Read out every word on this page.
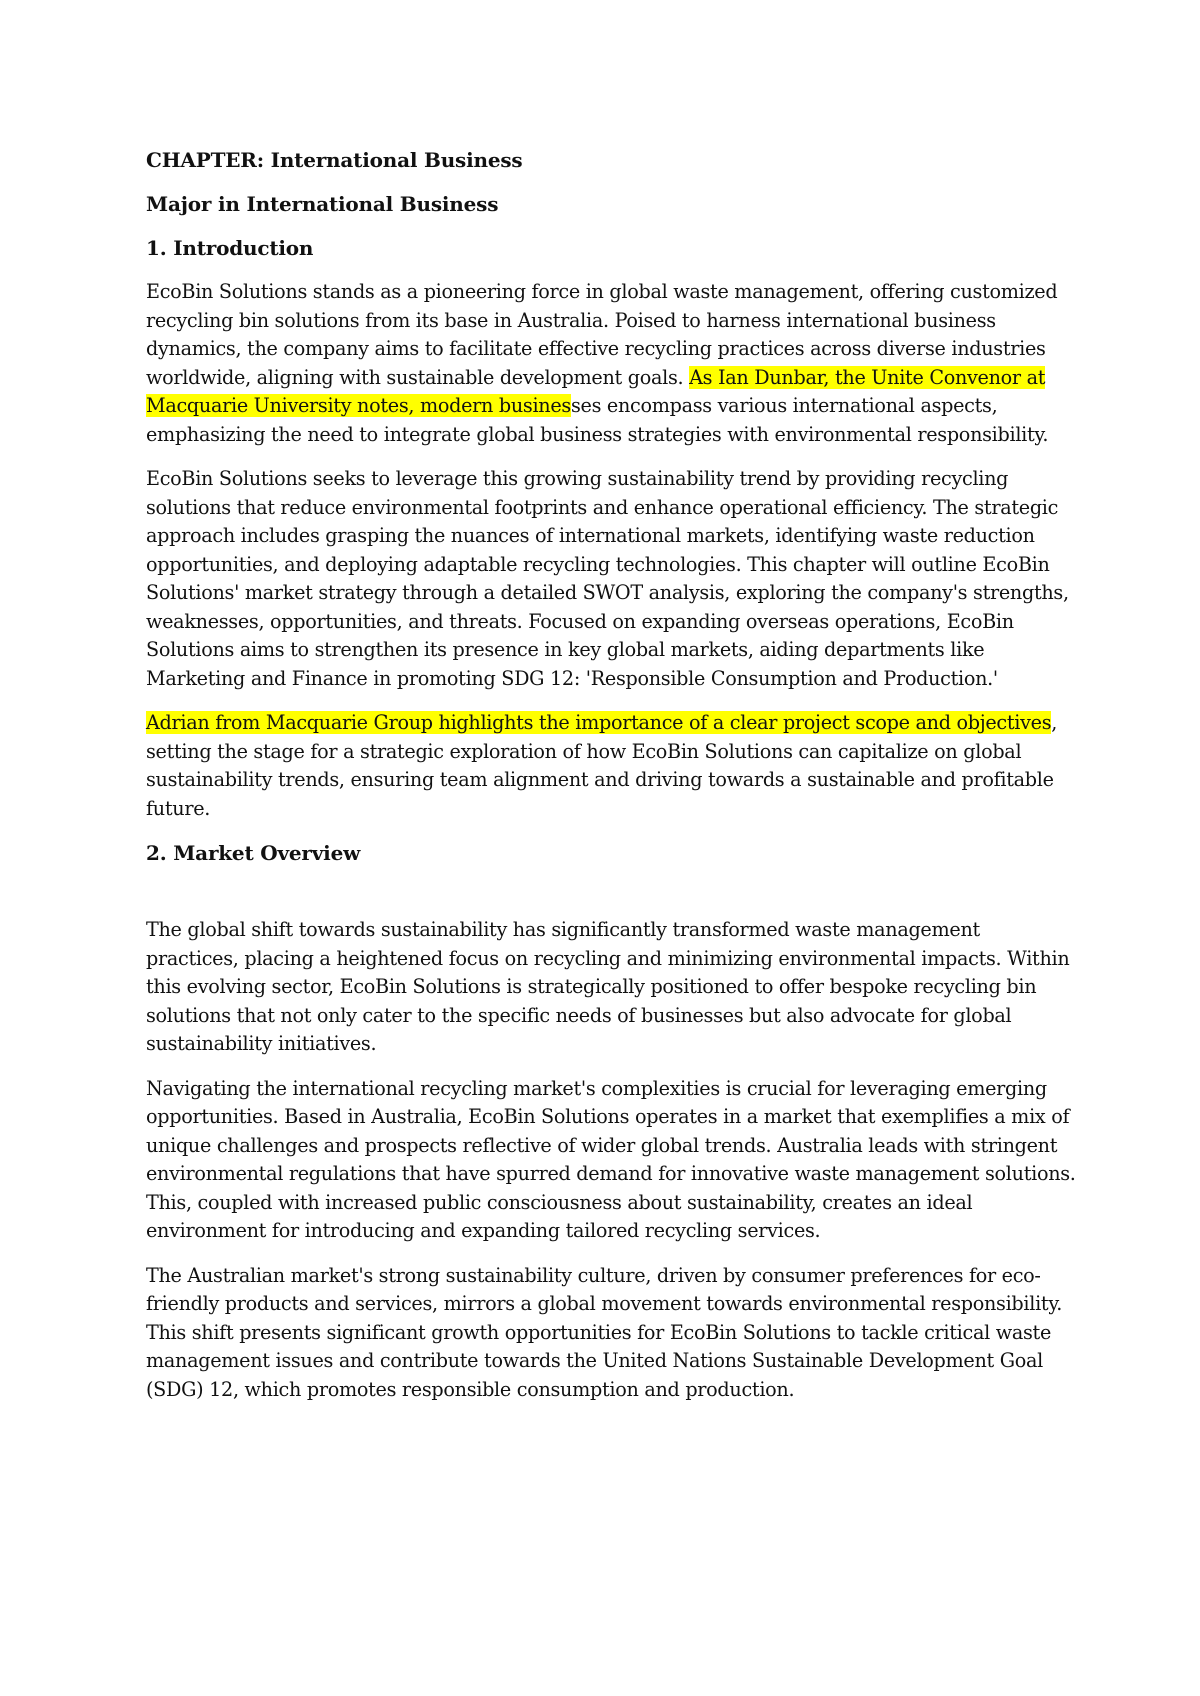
CHAPTER: International Business
Major in International Business
1. Introduction

EcoBin Solutions stands as a pioneering force in global waste management, offering customized recycling bin solutions from its base in Australia. Poised to harness international business dynamics, the company aims to facilitate effective recycling practices across diverse industries worldwide, aligning with sustainable development goals. As Ian Dunbar, the Unite Convenor at Macquarie University notes, modern businesses encompass various international aspects, emphasizing the need to integrate global business strategies with environmental responsibility.

EcoBin Solutions seeks to leverage this growing sustainability trend by providing recycling solutions that reduce environmental footprints and enhance operational efficiency. The strategic approach includes grasping the nuances of international markets, identifying waste reduction opportunities, and deploying adaptable recycling technologies. This chapter will outline EcoBin Solutions' market strategy through a detailed SWOT analysis, exploring the company's strengths, weaknesses, opportunities, and threats. Focused on expanding overseas operations, EcoBin Solutions aims to strengthen its presence in key global markets, aiding departments like Marketing and Finance in promoting SDG 12: 'Responsible Consumption and Production.'

Adrian from Macquarie Group highlights the importance of a clear project scope and objectives, setting the stage for a strategic exploration of how EcoBin Solutions can capitalize on global sustainability trends, ensuring team alignment and driving towards a sustainable and profitable future.

2. Market Overview

The global shift towards sustainability has significantly transformed waste management practices, placing a heightened focus on recycling and minimizing environmental impacts. Within this evolving sector, EcoBin Solutions is strategically positioned to offer bespoke recycling bin solutions that not only cater to the specific needs of businesses but also advocate for global sustainability initiatives.

Navigating the international recycling market's complexities is crucial for leveraging emerging opportunities. Based in Australia, EcoBin Solutions operates in a market that exemplifies a mix of unique challenges and prospects reflective of wider global trends. Australia leads with stringent environmental regulations that have spurred demand for innovative waste management solutions. This, coupled with increased public consciousness about sustainability, creates an ideal environment for introducing and expanding tailored recycling services.

The Australian market's strong sustainability culture, driven by consumer preferences for eco-friendly products and services, mirrors a global movement towards environmental responsibility. This shift presents significant growth opportunities for EcoBin Solutions to tackle critical waste management issues and contribute towards the United Nations Sustainable Development Goal (SDG) 12, which promotes responsible consumption and production.
